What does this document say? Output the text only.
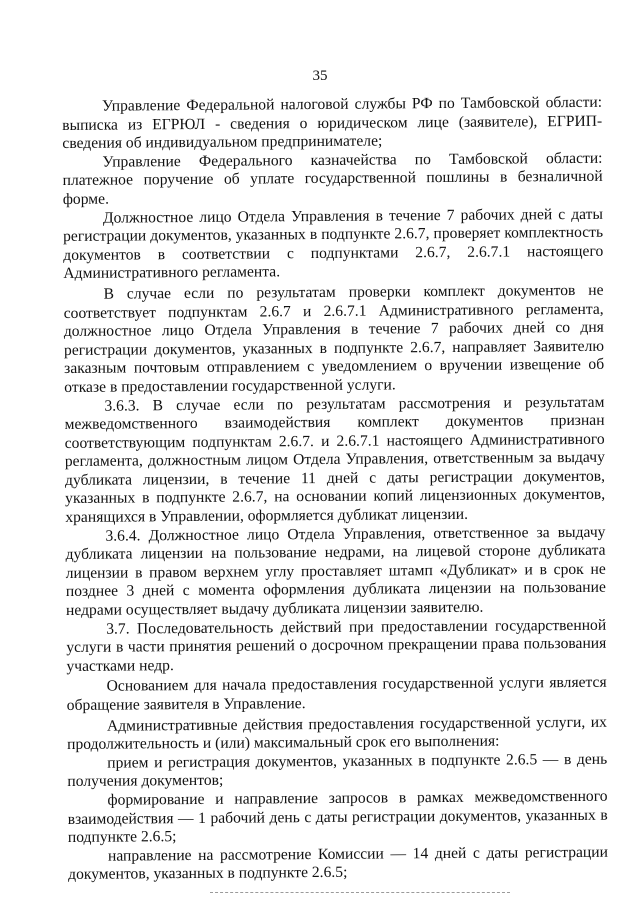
35

Управление Федеральной налоговой службы РФ по Тамбовской области: выписка из ЕГРЮЛ - сведения о юридическом лице (заявителе), ЕГРИП- сведения об индивидуальном предпринимателе;

Управление Федерального казначейства по Тамбовской области: платежное поручение об уплате государственной пошлины в безналичной форме.

Должностное лицо Отдела Управления в течение 7 рабочих дней с даты регистрации документов, указанных в подпункте 2.6.7, проверяет комплектность документов в соответствии с подпунктами 2.6.7, 2.6.7.1 настоящего Административного регламента.

В случае если по результатам проверки комплект документов не соответствует подпунктам 2.6.7 и 2.6.7.1 Административного регламента, должностное лицо Отдела Управления в течение 7 рабочих дней со дня регистрации документов, указанных в подпункте 2.6.7, направляет Заявителю заказным почтовым отправлением с уведомлением о вручении извещение об отказе в предоставлении государственной услуги.

3.6.3. В случае если по результатам рассмотрения и результатам межведомственного взаимодействия комплект документов признан соответствующим подпунктам 2.6.7. и 2.6.7.1 настоящего Административного регламента, должностным лицом Отдела Управления, ответственным за выдачу дубликата лицензии, в течение 11 дней с даты регистрации документов, указанных в подпункте 2.6.7, на основании копий лицензионных документов, хранящихся в Управлении, оформляется дубликат лицензии.

3.6.4. Должностное лицо Отдела Управления, ответственное за выдачу дубликата лицензии на пользование недрами, на лицевой стороне дубликата лицензии в правом верхнем углу проставляет штамп «Дубликат» и в срок не позднее 3 дней с момента оформления дубликата лицензии на пользование недрами осуществляет выдачу дубликата лицензии заявителю.

3.7. Последовательность действий при предоставлении государственной услуги в части принятия решений о досрочном прекращении права пользования участками недр.

Основанием для начала предоставления государственной услуги является обращение заявителя в Управление.

Административные действия предоставления государственной услуги, их продолжительность и (или) максимальный срок его выполнения:

прием и регистрация документов, указанных в подпункте 2.6.5 — в день получения документов;

формирование и направление запросов в рамках межведомственного взаимодействия — 1 рабочий день с даты регистрации документов, указанных в подпункте 2.6.5;

направление на рассмотрение Комиссии — 14 дней с даты регистрации документов, указанных в подпункте 2.6.5;
